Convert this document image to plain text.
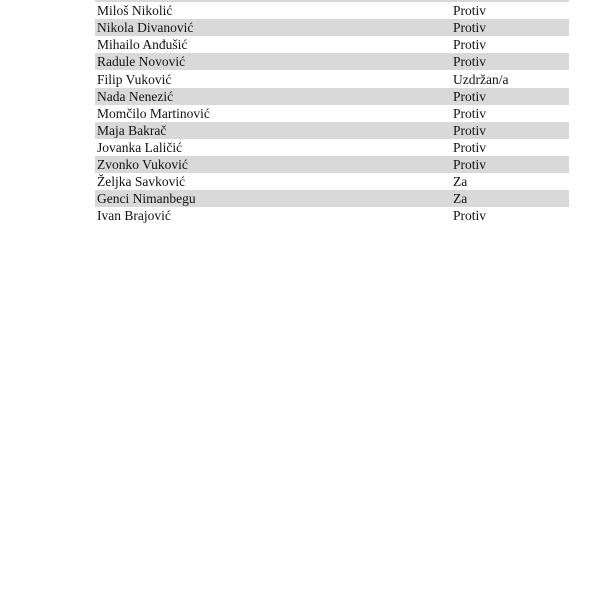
Miloš Nikolić	Protiv
Nikola Divanović	Protiv
Mihailo Anđušić	Protiv
Radule Novović	Protiv
Filip Vuković	Uzdržan/a
Nada Nenezić	Protiv
Momčilo Martinović	Protiv
Maja Bakrač	Protiv
Jovanka Laličić	Protiv
Zvonko Vuković	Protiv
Željka Savković	Za
Genci Nimanbegu	Za
Ivan Brajović	Protiv
